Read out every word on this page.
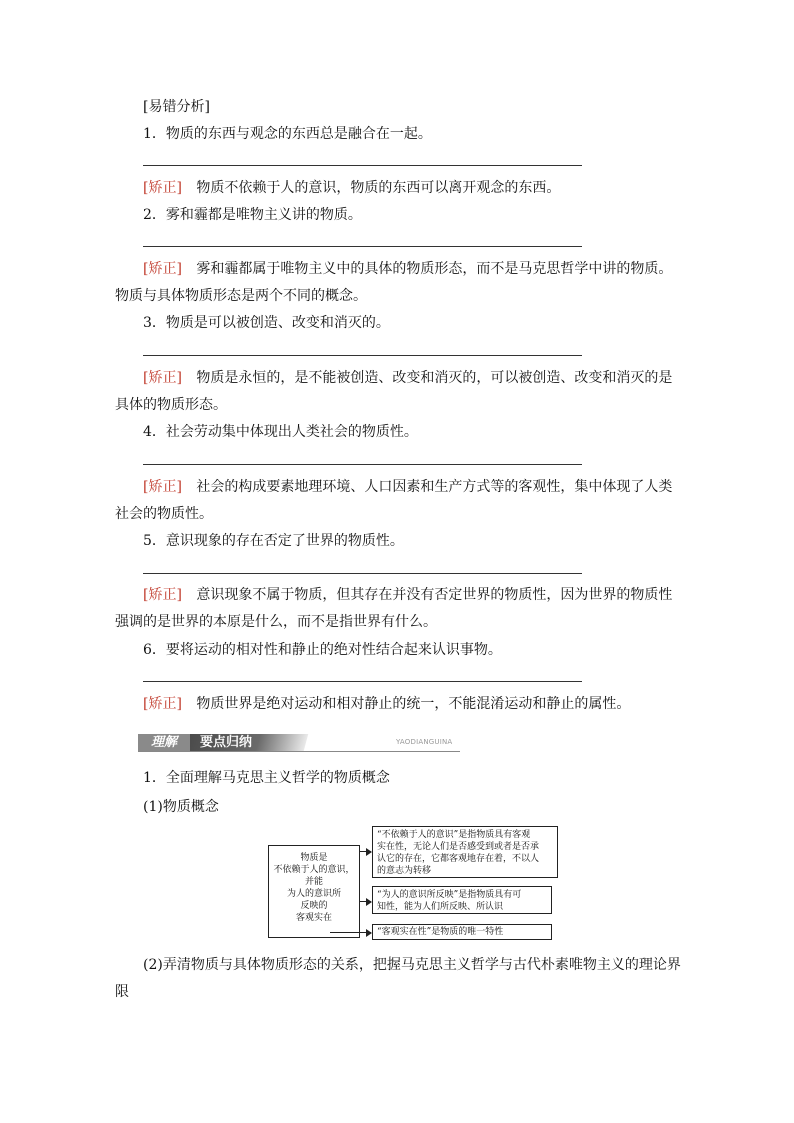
[易错分析]
1．物质的东西与观念的东西总是融合在一起。
[矫正] 物质不依赖于人的意识，物质的东西可以离开观念的东西。
2．雾和霾都是唯物主义讲的物质。
[矫正] 雾和霾都属于唯物主义中的具体的物质形态，而不是马克思哲学中讲的物质。
物质与具体物质形态是两个不同的概念。
3．物质是可以被创造、改变和消灭的。
[矫正] 物质是永恒的，是不能被创造、改变和消灭的，可以被创造、改变和消灭的是
具体的物质形态。
4．社会劳动集中体现出人类社会的物质性。
[矫正] 社会的构成要素地理环境、人口因素和生产方式等的客观性，集中体现了人类
社会的物质性。
5．意识现象的存在否定了世界的物质性。
[矫正] 意识现象不属于物质，但其存在并没有否定世界的物质性，因为世界的物质性
强调的是世界的本原是什么，而不是指世界有什么。
6．要将运动的相对性和静止的绝对性结合起来认识事物。
[矫正] 物质世界是绝对运动和相对静止的统一，不能混淆运动和静止的属性。
要点归纳
理解	YAODIANGUINA
1．全面理解马克思主义哲学的物质概念
(1)物质概念
物质是
不依赖于人的意识，
并能
为人的意识所
反映的
客观实在
“不依赖于人的意识”是指物质具有客观
实在性，无论人们是否感受到或者是否承
认它的存在，它都客观地存在着，不以人
的意志为转移
“为人的意识所反映”是指物质具有可
知性，能为人们所反映、所认识
“客观实在性”是物质的唯一特性
(2)弄清物质与具体物质形态的关系，把握马克思主义哲学与古代朴素唯物主义的理论界
限
